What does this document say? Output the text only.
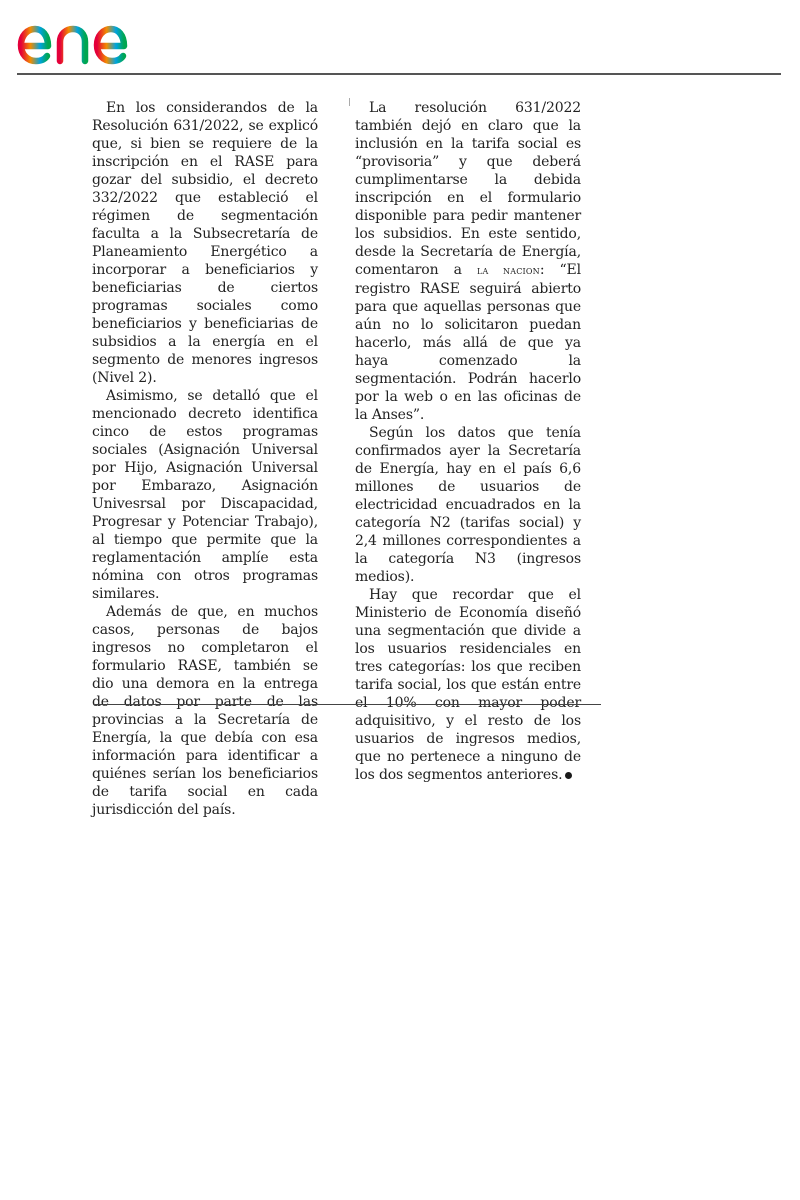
En los considerandos de la Resolución 631/2022, se explicó que, si bien se requiere de la inscripción en el RASE para gozar del subsidio, el decreto 332/2022 que estableció el régimen de segmentación faculta a la Subsecretaría de Planeamiento Energético a incorporar a beneficiarios y beneficiarias de ciertos programas sociales como beneficiarios y beneficiarias de subsidios a la energía en el segmento de menores ingresos (Nivel 2).

Asimismo, se detalló que el mencionado decreto identifica cinco de estos programas sociales (Asignación Universal por Hijo, Asignación Universal por Embarazo, Asignación Univesrsal por Discapacidad, Progresar y Potenciar Trabajo), al tiempo que permite que la reglamentación amplíe esta nómina con otros programas similares.

Además de que, en muchos casos, personas de bajos ingresos no completaron el formulario RASE, también se dio una demora en la entrega de datos por parte de las provincias a la Secretaría de Energía, la que debía con esa información para identificar a quiénes serían los beneficiarios de tarifa social en cada jurisdicción del país.

La resolución 631/2022 también dejó en claro que la inclusión en la tarifa social es “provisoria” y que deberá cumplimentarse la debida inscripción en el formulario disponible para pedir mantener los subsidios. En este sentido, desde la Secretaría de Energía, comentaron a la nacion: “El registro RASE seguirá abierto para que aquellas personas que aún no lo solicitaron puedan hacerlo, más allá de que ya haya comenzado la segmentación. Podrán hacerlo por la web o en las oficinas de la Anses”.

Según los datos que tenía confirmados ayer la Secretaría de Energía, hay en el país 6,6 millones de usuarios de electricidad encuadrados en la categoría N2 (tarifas social) y 2,4 millones correspondientes a la categoría N3 (ingresos medios).

Hay que recordar que el Ministerio de Economía diseñó una segmentación que divide a los usuarios residenciales en tres categorías: los que reciben tarifa social, los que están entre el 10% con mayor poder adquisitivo, y el resto de los usuarios de ingresos medios, que no pertenece a ninguno de los dos segmentos anteriores.
